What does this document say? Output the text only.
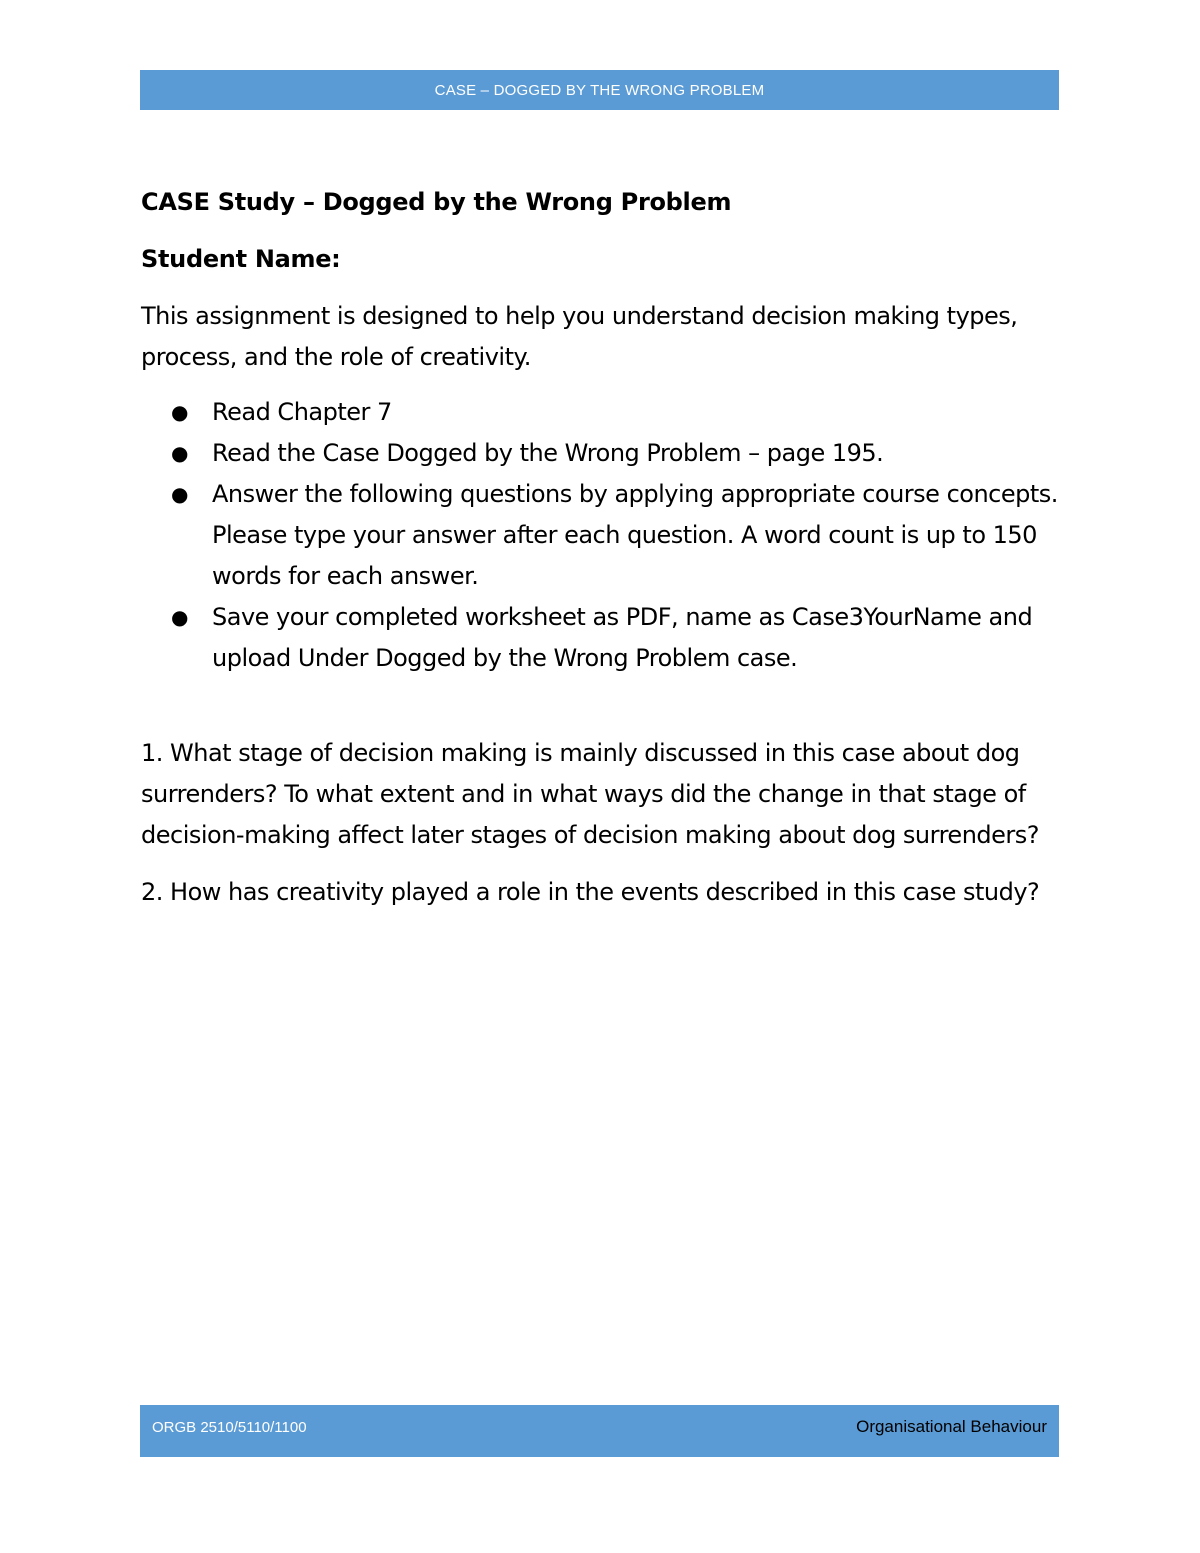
CASE – DOGGED BY THE WRONG PROBLEM
CASE Study – Dogged by the Wrong Problem
Student Name:
This assignment is designed to help you understand decision making types, process, and the role of creativity.
● Read Chapter 7
● Read the Case Dogged by the Wrong Problem – page 195.
● Answer the following questions by applying appropriate course concepts. Please type your answer after each question. A word count is up to 150 words for each answer.
● Save your completed worksheet as PDF, name as Case3YourName and upload Under Dogged by the Wrong Problem case.
1. What stage of decision making is mainly discussed in this case about dog surrenders? To what extent and in what ways did the change in that stage of decision-making affect later stages of decision making about dog surrenders?
2. How has creativity played a role in the events described in this case study?
ORGB 2510/5110/1100	Organisational Behaviour
